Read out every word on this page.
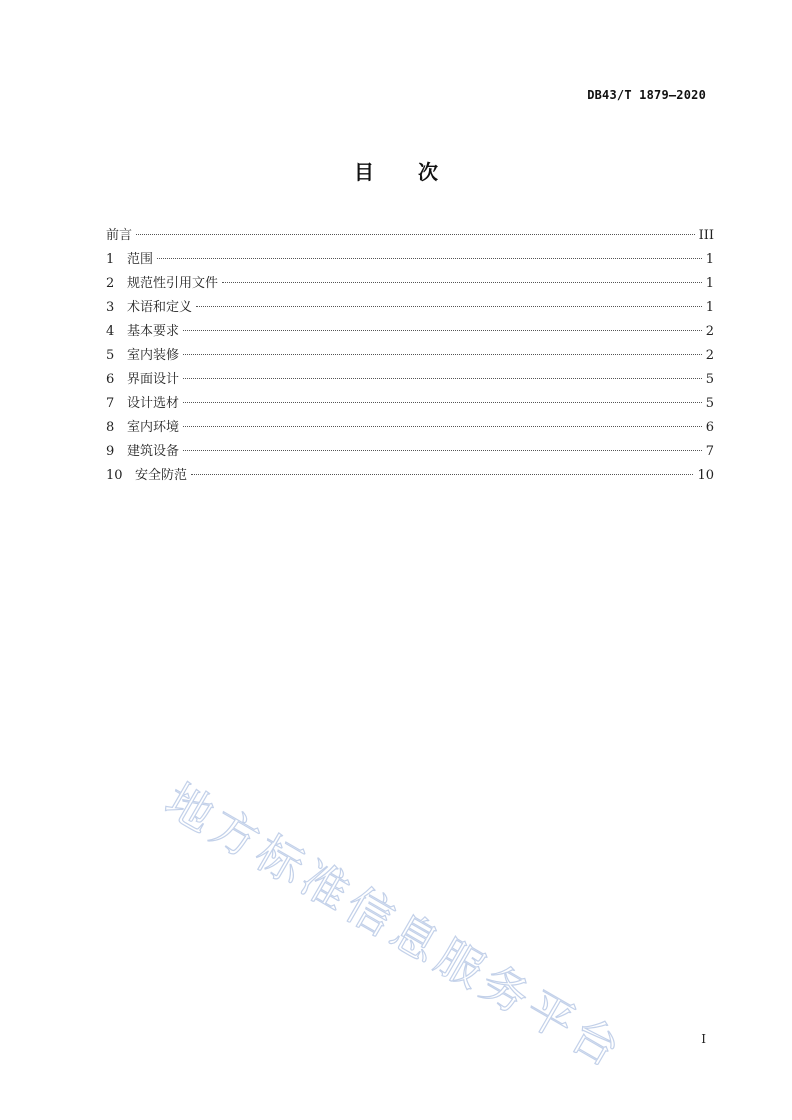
DB43/T 1879—2020
目 次
前言	III
1 范围	1
2 规范性引用文件	1
3 术语和定义	1
4 基本要求	2
5 室内装修	2
6 界面设计	5
7 设计选材	5
8 室内环境	6
9 建筑设备	7
10 安全防范	10
地方标准信息服务平台	I
